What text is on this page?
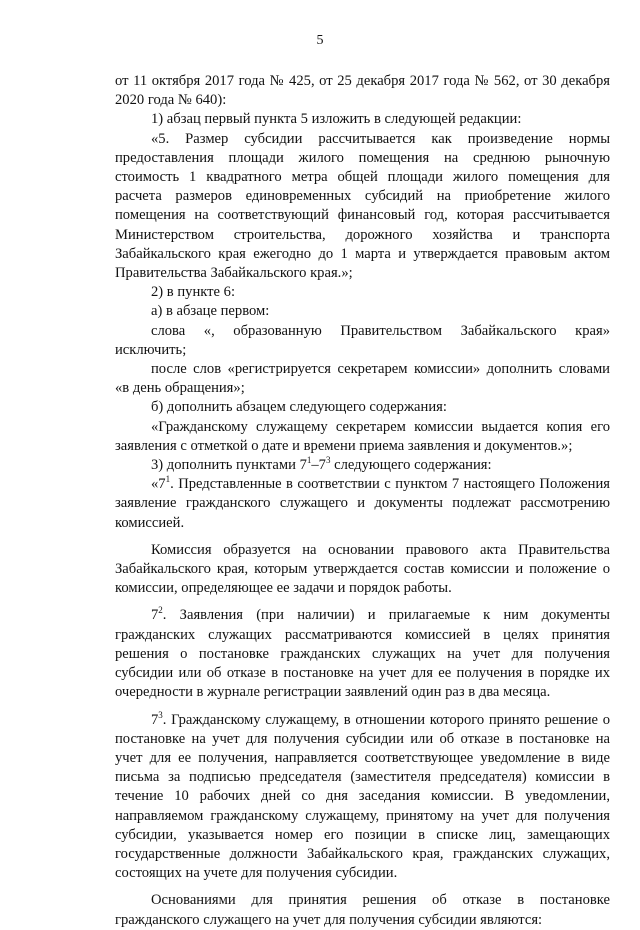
5

от 11 октября 2017 года № 425, от 25 декабря 2017 года № 562, от 30 декабря 2020 года № 640):

1) абзац первый пункта 5 изложить в следующей редакции:

«5. Размер субсидии рассчитывается как произведение нормы предоставления площади жилого помещения на среднюю рыночную стоимость 1 квадратного метра общей площади жилого помещения для расчета размеров единовременных субсидий на приобретение жилого помещения на соответствующий финансовый год, которая рассчитывается Министерством строительства, дорожного хозяйства и транспорта Забайкальского края ежегодно до 1 марта и утверждается правовым актом Правительства Забайкальского края.»;

2) в пункте 6:

а) в абзаце первом:

слова «, образованную Правительством Забайкальского края» исключить;

после слов «регистрируется секретарем комиссии» дополнить словами «в день обращения»;

б) дополнить абзацем следующего содержания:

«Гражданскому служащему секретарем комиссии выдается копия его заявления с отметкой о дате и времени приема заявления и документов.»;

3) дополнить пунктами $7^1-7^3$ следующего содержания:

«$7^1$. Представленные в соответствии с пунктом 7 настоящего Положения заявление гражданского служащего и документы подлежат рассмотрению комиссией.

Комиссия образуется на основании правового акта Правительства Забайкальского края, которым утверждается состав комиссии и положение о комиссии, определяющее ее задачи и порядок работы.

$7^2$. Заявления (при наличии) и прилагаемые к ним документы гражданских служащих рассматриваются комиссией в целях принятия решения о постановке гражданских служащих на учет для получения субсидии или об отказе в постановке на учет для ее получения в порядке их очередности в журнале регистрации заявлений один раз в два месяца.

$7^3$. Гражданскому служащему, в отношении которого принято решение о постановке на учет для получения субсидии или об отказе в постановке на учет для ее получения, направляется соответствующее уведомление в виде письма за подписью председателя (заместителя председателя) комиссии в течение 10 рабочих дней со дня заседания комиссии. В уведомлении, направляемом гражданскому служащему, принятому на учет для получения субсидии, указывается номер его позиции в списке лиц, замещающих государственные должности Забайкальского края, гражданских служащих, состоящих на учете для получения субсидии.

Основаниями для принятия решения об отказе в постановке гражданского служащего на учет для получения субсидии являются:
